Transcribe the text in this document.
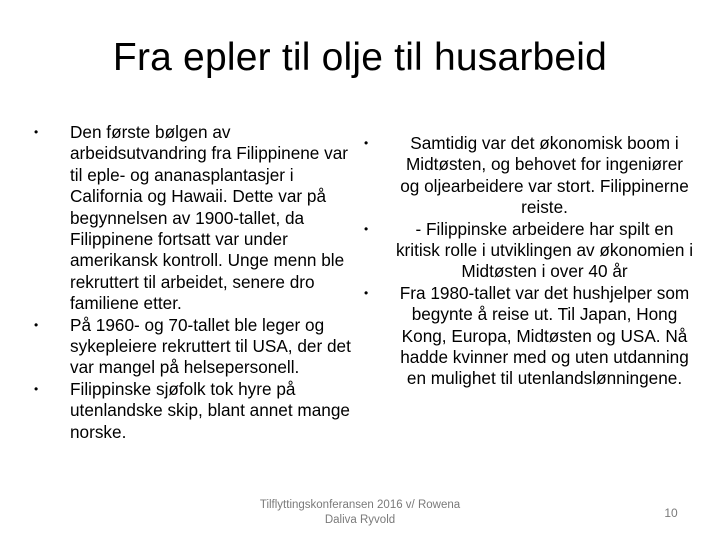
Fra epler til olje til husarbeid
• Den første bølgen av arbeidsutvandring fra Filippinene var til eple- og ananasplantasjer i California og Hawaii. Dette var på begynnelsen av 1900-tallet, da Filippinene fortsatt var under amerikansk kontroll. Unge menn ble rekruttert til arbeidet, senere dro familiene etter.
• På 1960- og 70-tallet ble leger og sykepleiere rekruttert til USA, der det var mangel på helsepersonell.
• Filippinske sjøfolk tok hyre på utenlandske skip, blant annet mange norske.
• Samtidig var det økonomisk boom i Midtøsten, og behovet for ingeniører og oljearbeidere var stort. Filippinerne reiste.
•	- Filippinske arbeidere har spilt en kritisk rolle i utviklingen av økonomien i Midtøsten i over 40 år
• Fra 1980-tallet var det hushjelper som begynte å reise ut. Til Japan, Hong Kong, Europa, Midtøsten og USA. Nå hadde kvinner med og uten utdanning en mulighet til utenlandslønningene.
Tilflyttingskonferansen 2016 v/ Rowena Daliva Ryvold	10
